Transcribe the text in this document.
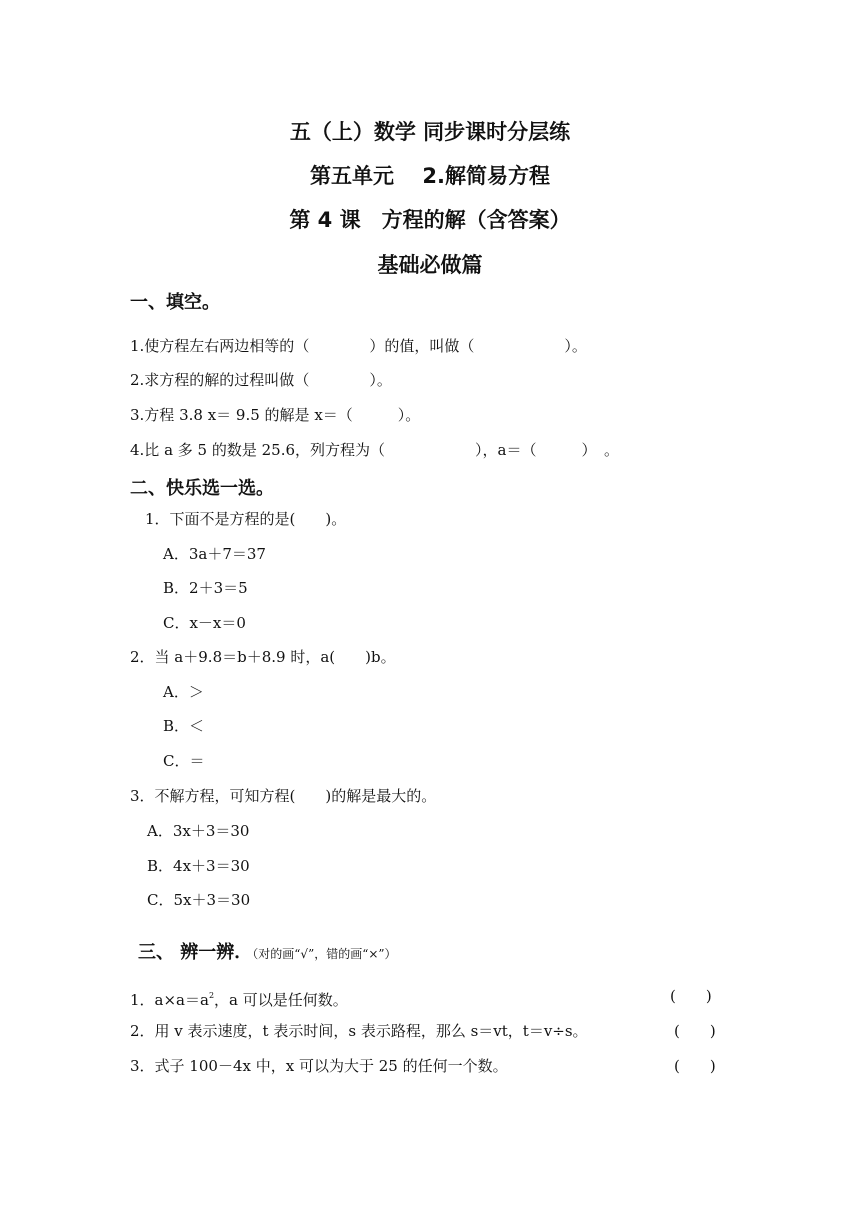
五（上）数学 同步课时分层练
第五单元　 2.解简易方程
第 4 课　方程的解（含答案）
基础必做篇
一、填空。
1.使方程左右两边相等的（　　　　）的值，叫做（　　　　　　）。
2.求方程的解的过程叫做（　　　　）。
3.方程 3.8 x＝ 9.5 的解是 x＝（　　　）。
4.比 a 多 5 的数是 25.6，列方程为（　　　　　　），a＝（　　　）　。
二、快乐选一选。
1．下面不是方程的是(　　)。
A．3a＋7＝37
B．2＋3＝5
C．x－x＝0
2．当 a＋9.8＝b＋8.9 时，a(　　)b。
A．＞
B．＜
C．＝
3．不解方程，可知方程(　　)的解是最大的。
A．3x＋3＝30
B．4x＋3＝30
C．5x＋3＝30
三、 辨一辨．（对的画“√”，错的画“×”）
1．$a\times a=a^2$，a 可以是任何数。	(　　)
2．用 v 表示速度，t 表示时间，s 表示路程，那么 s＝vt，t＝v÷s。	(　　)
3．式子 100－4x 中，x 可以为大于 25 的任何一个数。	(　　)
